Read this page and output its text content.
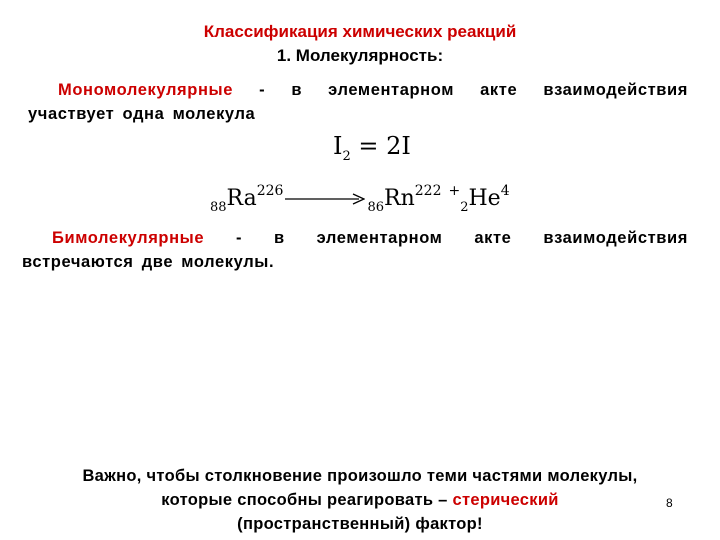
Классификация химических реакций
1. Молекулярность:
Мономолекулярные - в элементарном акте взаимодействия
участвует одна молекула
$I_2 = 2I$
$_{88}Ra^{226} \to_{86}Rn^{222}$ $^+_2He^4$
Бимолекулярные - в элементарном акте взаимодействия
встречаются две молекулы.
Важно, чтобы столкновение произошло теми частями молекулы,
которые способны реагировать – стерический
(пространственный) фактор!
8
